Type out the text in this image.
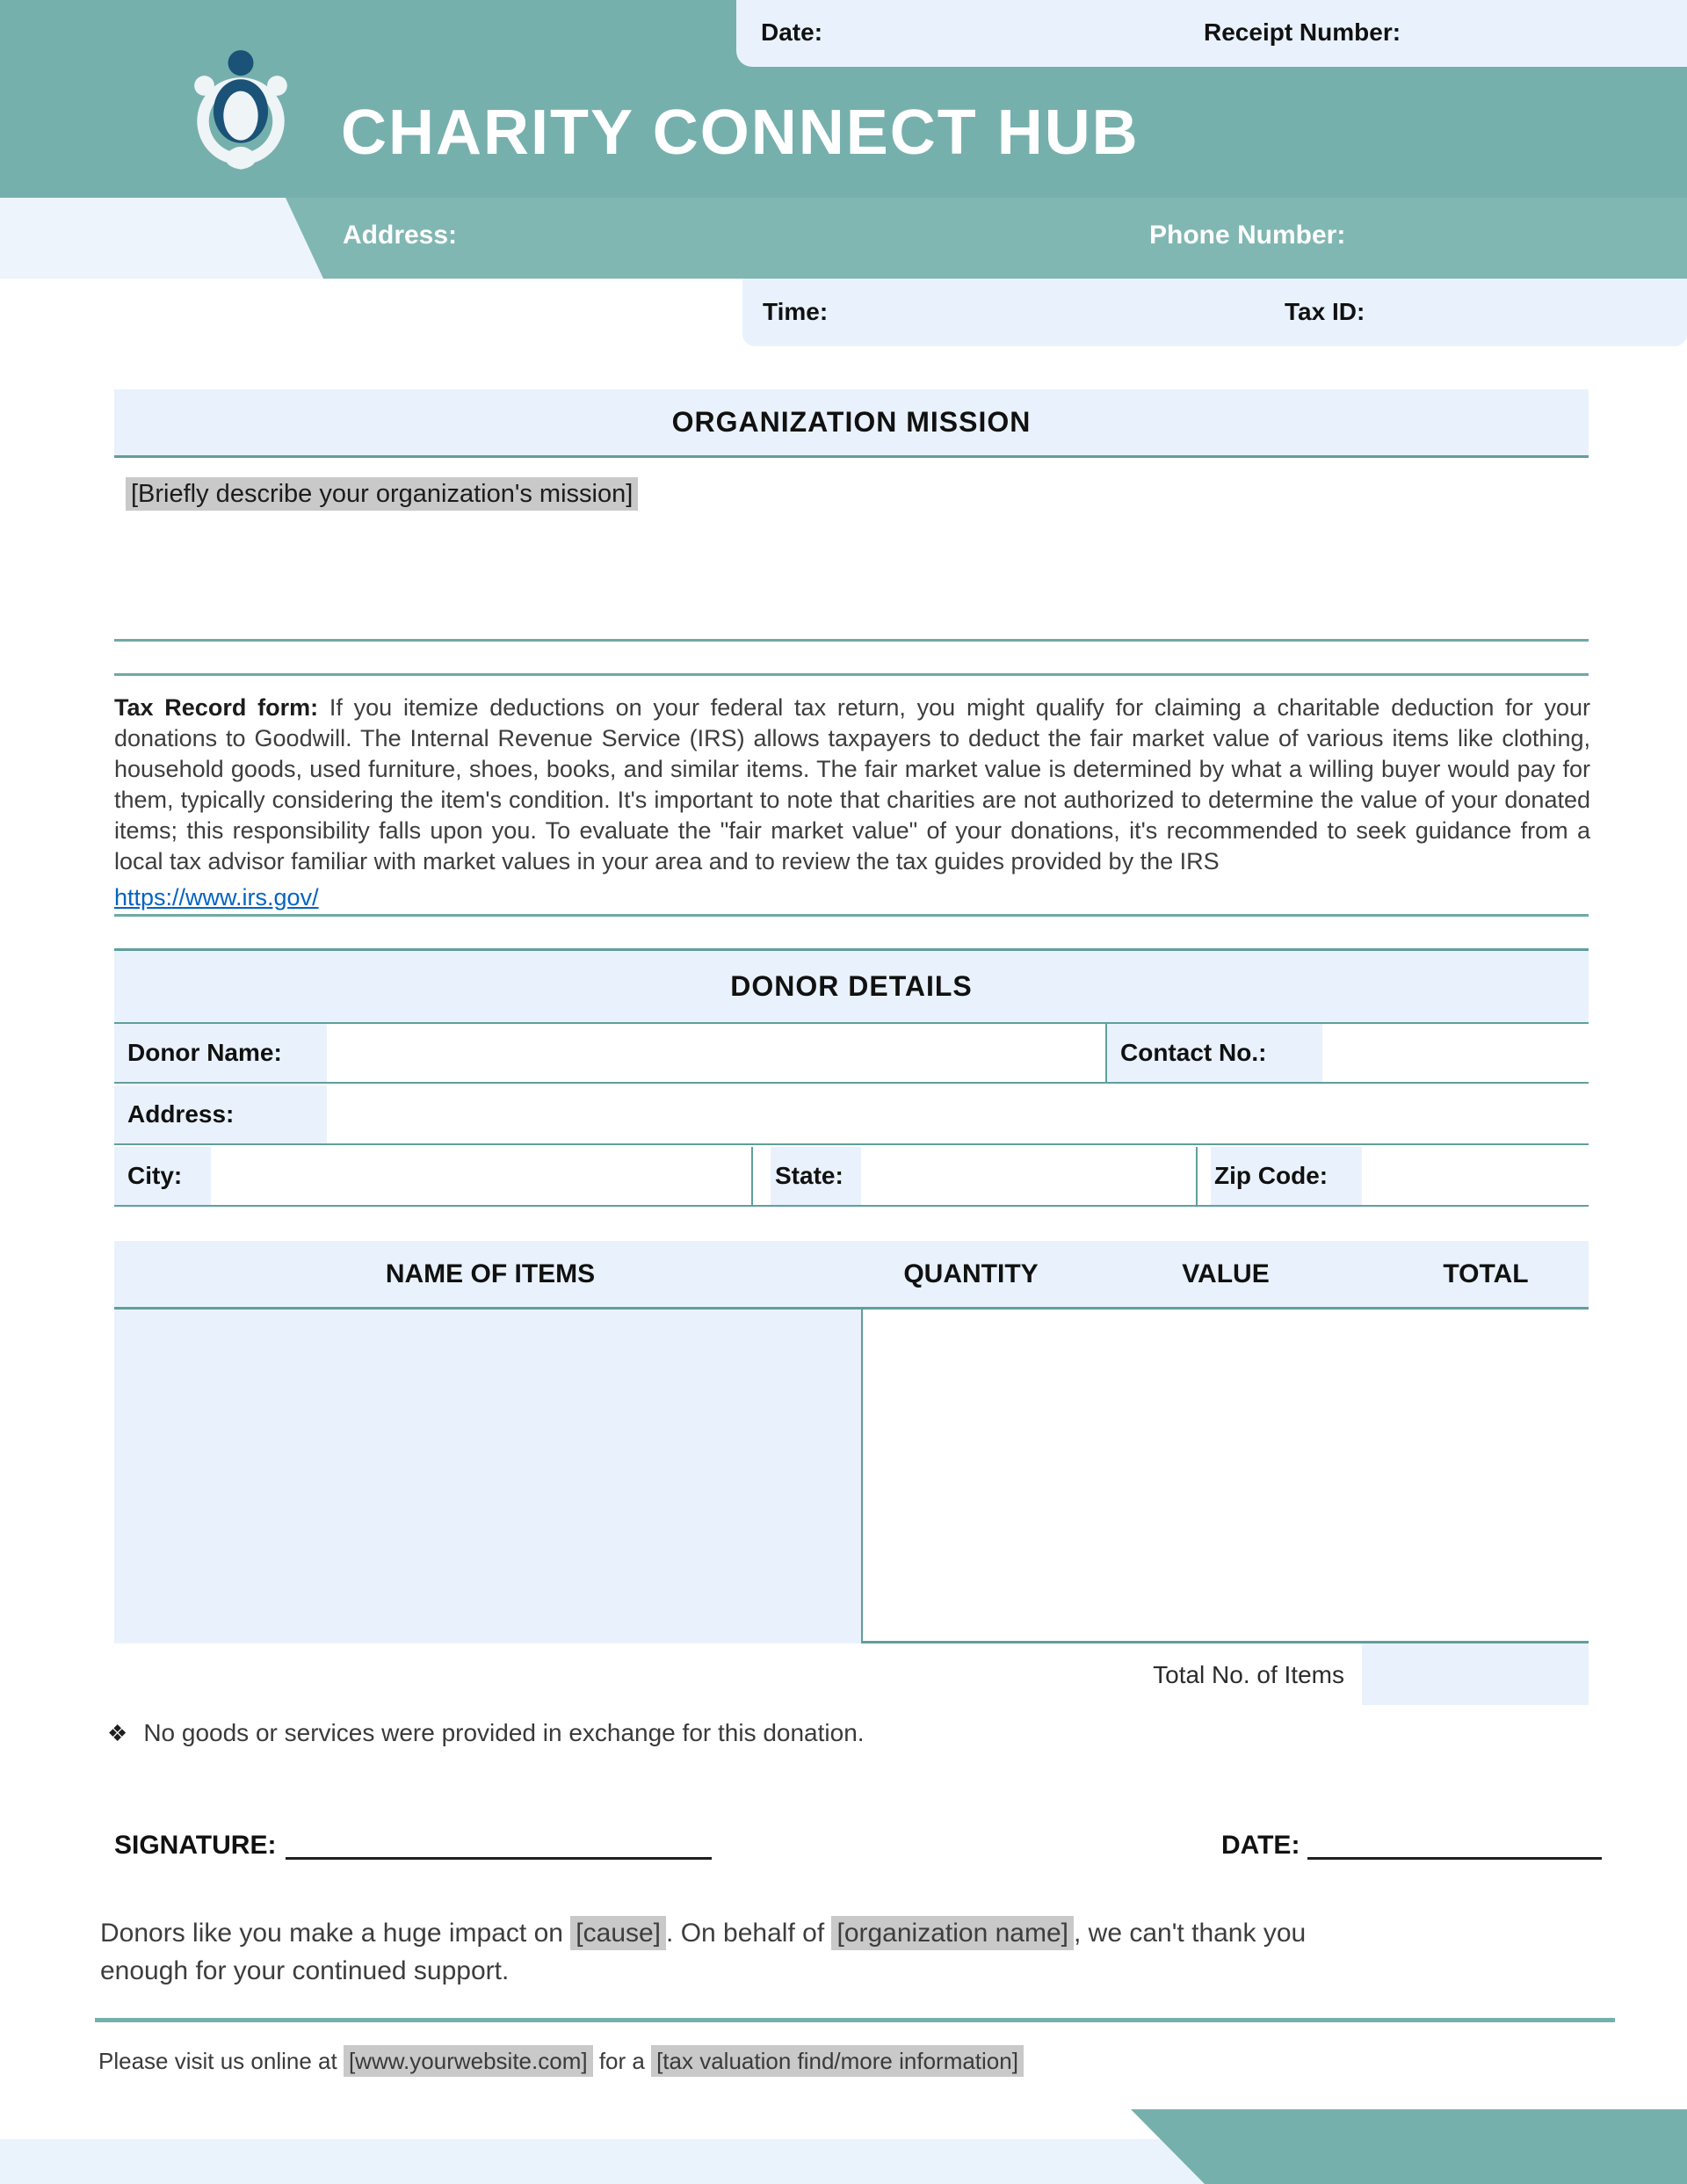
CHARITY CONNECT HUB
Date:	Receipt Number:
Address:	Phone Number:
Time:	Tax ID:
ORGANIZATION MISSION
[Briefly describe your organization's mission]
Tax Record form: If you itemize deductions on your federal tax return, you might qualify for claiming a charitable deduction for your donations to Goodwill. The Internal Revenue Service (IRS) allows taxpayers to deduct the fair market value of various items like clothing, household goods, used furniture, shoes, books, and similar items. The fair market value is determined by what a willing buyer would pay for them, typically considering the item's condition. It's important to note that charities are not authorized to determine the value of your donated items; this responsibility falls upon you. To evaluate the "fair market value" of your donations, it's recommended to seek guidance from a local tax advisor familiar with market values in your area and to review the tax guides provided by the IRS
https://www.irs.gov/
DONOR DETAILS
Donor Name:	Contact No.:
Address:
City:	State:	Zip Code:
NAME OF ITEMS	QUANTITY	VALUE	TOTAL
Total No. of Items
❖ No goods or services were provided in exchange for this donation.
SIGNATURE:	DATE:
Donors like you make a huge impact on [cause] . On behalf of [organization name] , we can't thank you enough for your continued support.
Please visit us online at [www.yourwebsite.com] for a [tax valuation find/more information]
